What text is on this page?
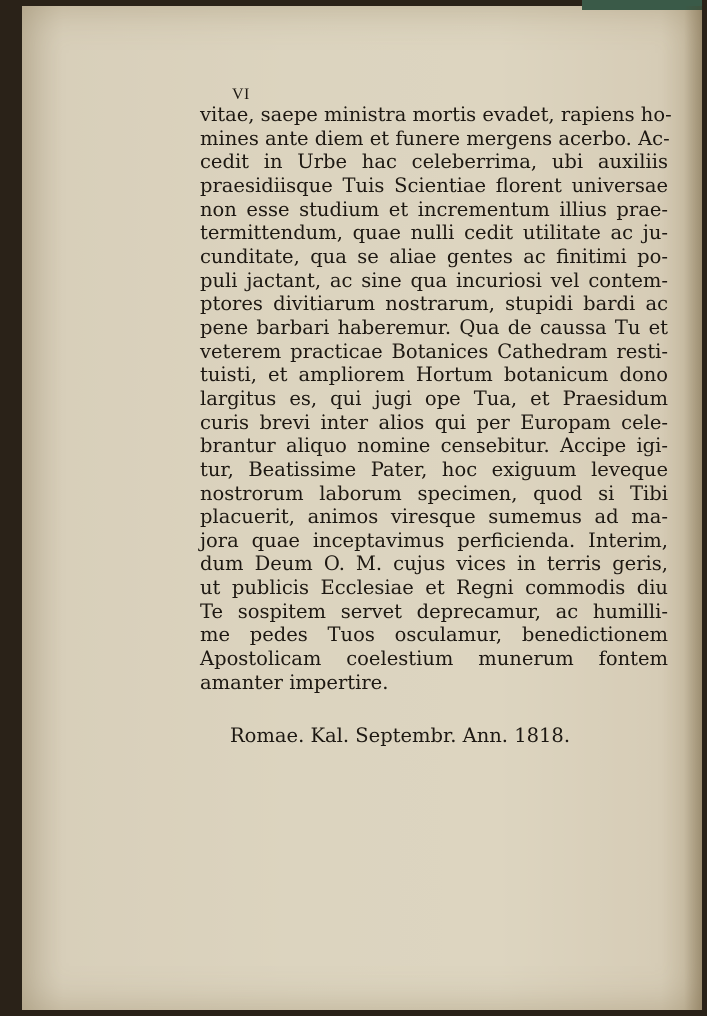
VI
vitae, saepe ministra mortis evadet, rapiens ho-
mines ante diem et funere mergens acerbo. Ac-
cedit in Urbe hac celeberrima, ubi auxiliis
praesidiisque Tuis Scientiae florent universae
non esse studium et incrementum illius prae-
termittendum, quae nulli cedit utilitate ac ju-
cunditate, qua se aliae gentes ac finitimi po-
puli jactant, ac sine qua incuriosi vel contem-
ptores divitiarum nostrarum, stupidi bardi ac
pene barbari haberemur. Qua de caussa Tu et
veterem practicae Botanices Cathedram resti-
tuisti, et ampliorem Hortum botanicum dono
largitus es, qui jugi ope Tua, et Praesidum
curis brevi inter alios qui per Europam cele-
brantur aliquo nomine censebitur. Accipe igi-
tur, Beatissime Pater, hoc exiguum leveque
nostrorum laborum specimen, quod si Tibi
placuerit, animos viresque sumemus ad ma-
jora quae inceptavimus perficienda. Interim,
dum Deum O. M. cujus vices in terris geris,
ut publicis Ecclesiae et Regni commodis diu
Te sospitem servet deprecamur, ac humilli-
me pedes Tuos osculamur, benedictionem
Apostolicam coelestium munerum fontem
amanter impertire.
Romae. Kal. Septembr. Ann. 1818.
